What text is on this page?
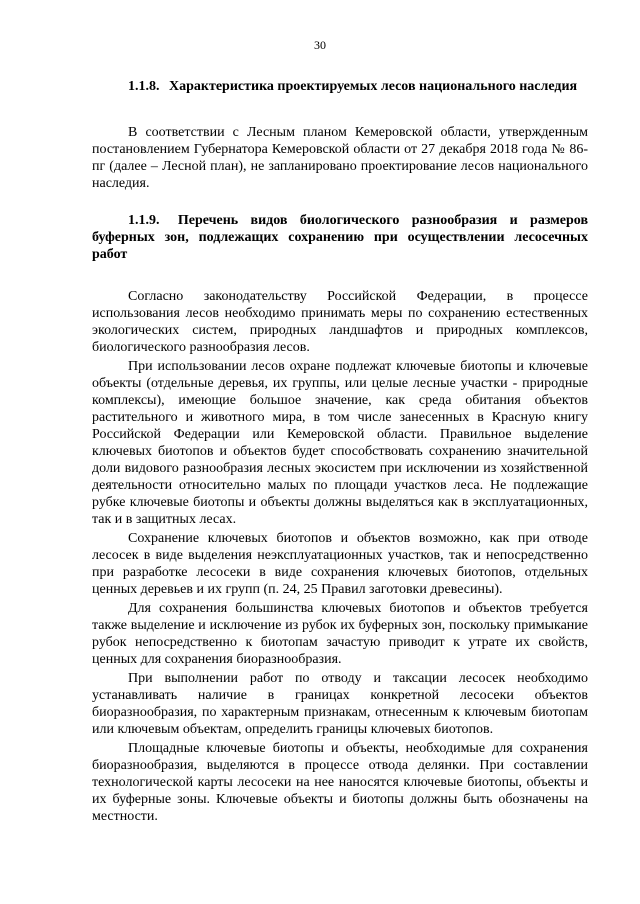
30

1.1.8. Характеристика проектируемых лесов национального наследия

В соответствии с Лесным планом Кемеровской области, утвержденным постановлением Губернатора Кемеровской области от 27 декабря 2018 года № 86-пг (далее – Лесной план), не запланировано проектирование лесов национального наследия.

1.1.9. Перечень видов биологического разнообразия и размеров буферных зон, подлежащих сохранению при осуществлении лесосечных работ

Согласно законодательству Российской Федерации, в процессе использования лесов необходимо принимать меры по сохранению естественных экологических систем, природных ландшафтов и природных комплексов, биологического разнообразия лесов.

При использовании лесов охране подлежат ключевые биотопы и ключевые объекты (отдельные деревья, их группы, или целые лесные участки - природные комплексы), имеющие большое значение, как среда обитания объектов растительного и животного мира, в том числе занесенных в Красную книгу Российской Федерации или Кемеровской области. Правильное выделение ключевых биотопов и объектов будет способствовать сохранению значительной доли видового разнообразия лесных экосистем при исключении из хозяйственной деятельности относительно малых по площади участков леса. Не подлежащие рубке ключевые биотопы и объекты должны выделяться как в эксплуатационных, так и в защитных лесах.

Сохранение ключевых биотопов и объектов возможно, как при отводе лесосек в виде выделения неэксплуатационных участков, так и непосредственно при разработке лесосеки в виде сохранения ключевых биотопов, отдельных ценных деревьев и их групп (п. 24, 25 Правил заготовки древесины).

Для сохранения большинства ключевых биотопов и объектов требуется также выделение и исключение из рубок их буферных зон, поскольку примыкание рубок непосредственно к биотопам зачастую приводит к утрате их свойств, ценных для сохранения биоразнообразия.

При выполнении работ по отводу и таксации лесосек необходимо устанавливать наличие в границах конкретной лесосеки объектов биоразнообразия, по характерным признакам, отнесенным к ключевым биотопам или ключевым объектам, определить границы ключевых биотопов.

Площадные ключевые биотопы и объекты, необходимые для сохранения биоразнообразия, выделяются в процессе отвода делянки. При составлении технологической карты лесосеки на нее наносятся ключевые биотопы, объекты и их буферные зоны. Ключевые объекты и биотопы должны быть обозначены на местности.
